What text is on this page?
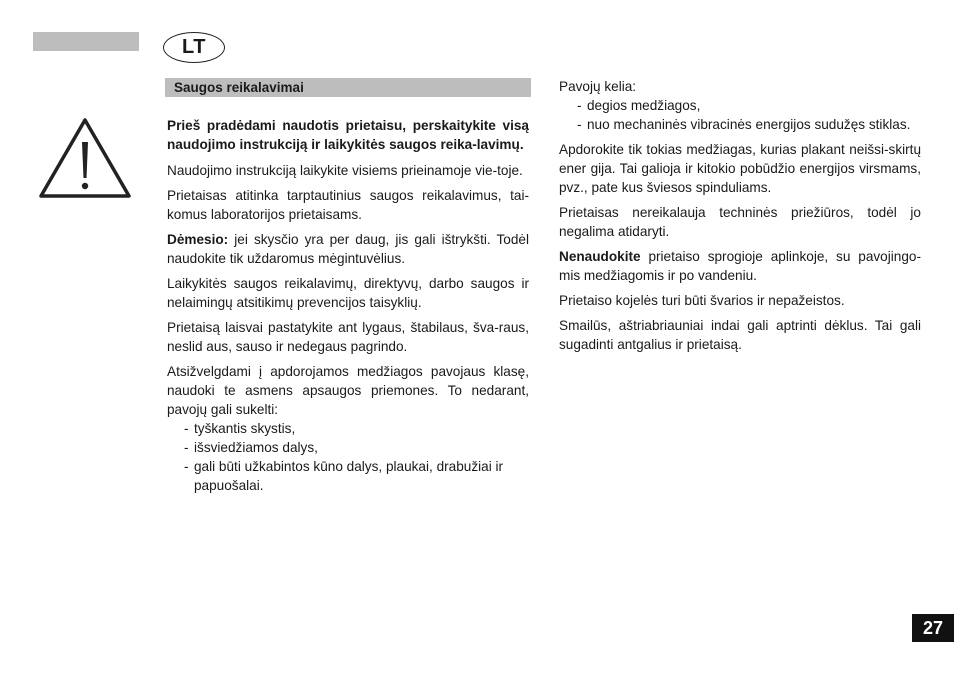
LT
Saugos reikalavimai

Prieš pradėdami naudotis prietaisu, perskaitykite visą naudojimo instrukciją ir laikykitės saugos reika-lavimų.

Naudojimo instrukciją laikykite visiems prieinamoje vie-toje.

Prietaisas atitinka tarptautinius saugos reikalavimus, tai-komus laboratorijos prietaisams.

Dėmesio: jei skysčio yra per daug, jis gali ištrykšti. Todėl naudokite tik uždaromus mėgintuvėlius.

Laikykitės saugos reikalavimų, direktyvų, darbo saugos ir nelaimingų atsitikimų prevencijos taisyklių.

Prietaisą laisvai pastatykite ant lygaus, štabilaus, šva-raus, neslid aus, sauso ir nedegaus pagrindo.

Atsižvelgdami į apdorojamos medžiagos pavojaus klasę, naudoki te asmens apsaugos priemones. To nedarant, pavojų gali sukelti:

- tyškantis skystis,
- išsviedžiamos dalys,
- gali būti užkabintos kūno dalys, plaukai, drabužiai ir papuošalai.

Pavojų kelia:

- degios medžiagos,
- nuo mechaninės vibracinės energijos sudužęs stiklas.

Apdorokite tik tokias medžiagas, kurias plakant neišsi-skirtų ener gija. Tai galioja ir kitokio pobūdžio energijos virsmams, pvz., pate kus šviesos spinduliams.

Prietaisas nereikalauja techninės priežiūros, todėl jo negalima atidaryti.

Nenaudokite prietaiso sprogioje aplinkoje, su pavojingo-mis medžiagomis ir po vandeniu.

Prietaiso kojelės turi būti švarios ir nepažeistos.

Smailūs, aštriabriauniai indai gali aptrinti dėklus. Tai gali sugadinti antgalius ir prietaisą.

27
